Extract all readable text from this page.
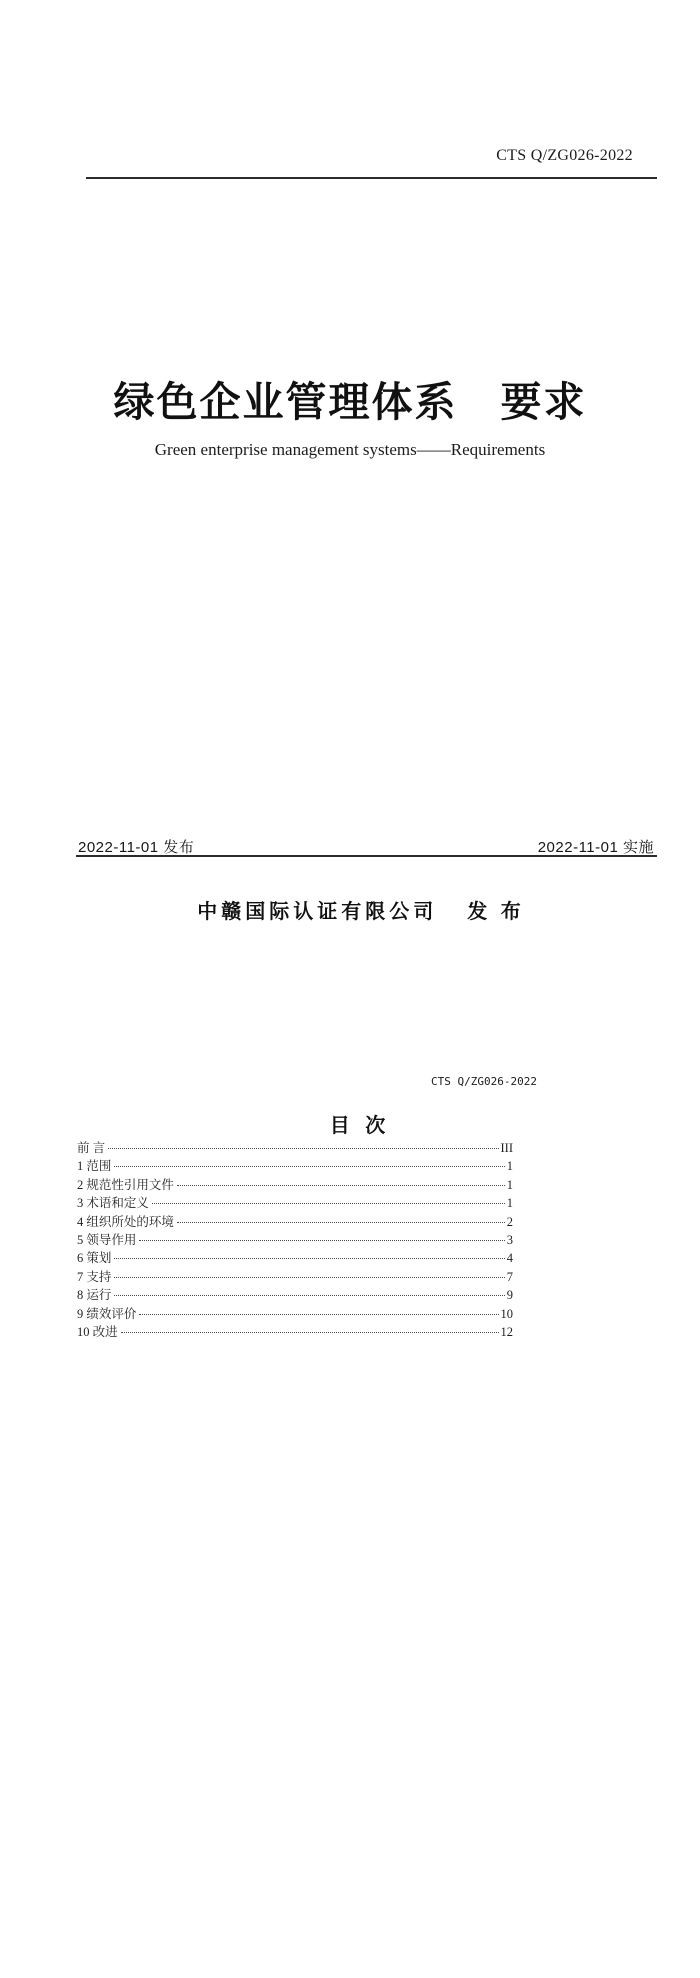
CTS Q/ZG026-2022
绿色企业管理体系　要求
Green enterprise management systems——Requirements
2022-11-01 发布	2022-11-01 实施
中赣国际认证有限公司 发 布
CTS Q/ZG026-2022
目 次
前 言	III
1 范围	1
2 规范性引用文件	1
3 术语和定义	1
4 组织所处的环境	2
5 领导作用	3
6 策划	4
7 支持	7
8 运行	9
9 绩效评价	10
10 改进	12
